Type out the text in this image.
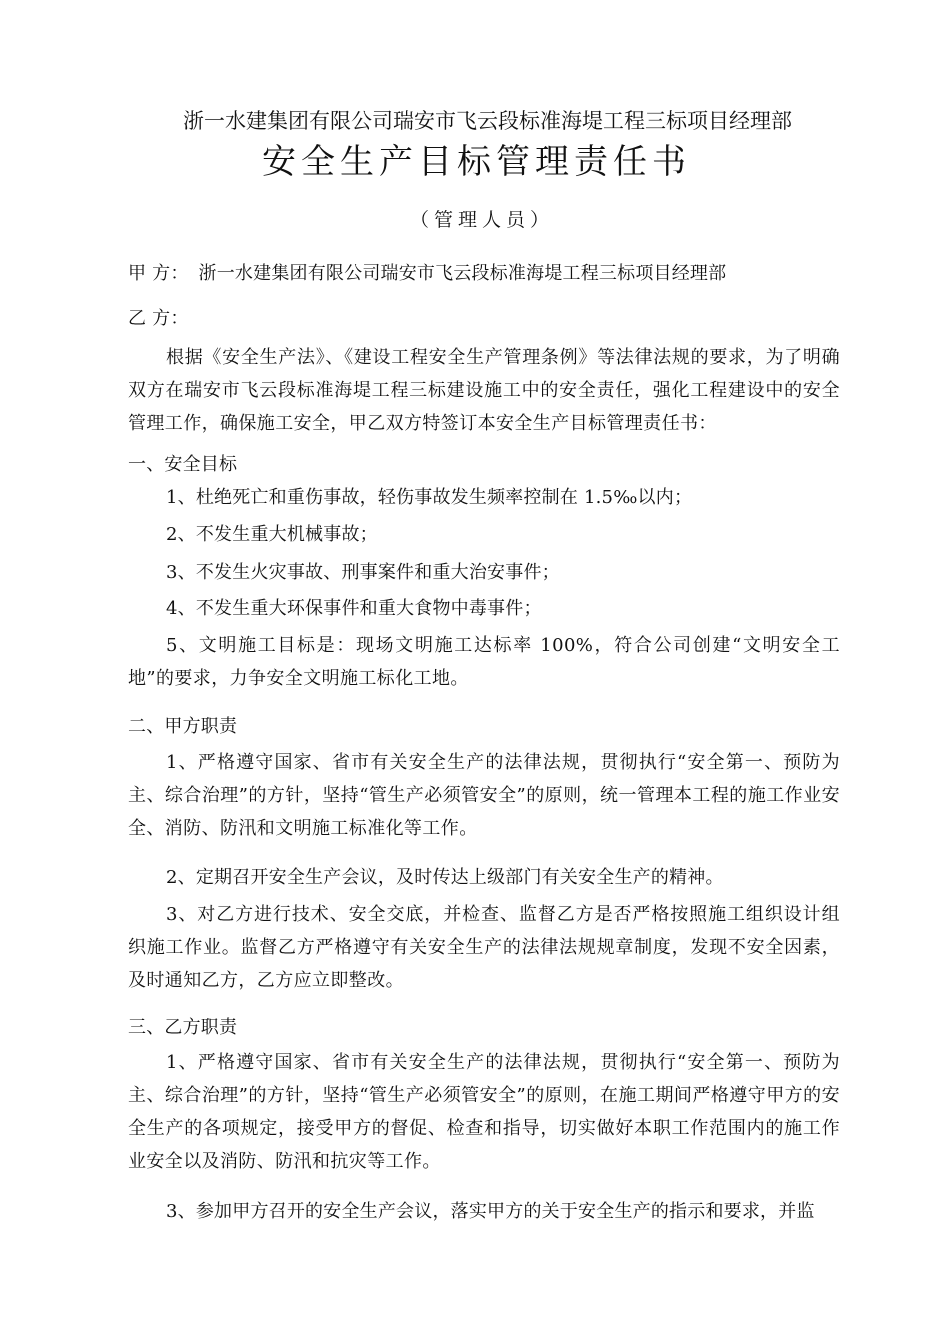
浙一水建集团有限公司瑞安市飞云段标准海堤工程三标项目经理部
安全生产目标管理责任书
（管理人员）
甲 方： 浙一水建集团有限公司瑞安市飞云段标准海堤工程三标项目经理部
乙 方：
根据《安全生产法》、《建设工程安全生产管理条例》等法律法规的要求，为了明确双方在瑞安市飞云段标准海堤工程三标建设施工中的安全责任，强化工程建设中的安全管理工作，确保施工安全，甲乙双方特签订本安全生产目标管理责任书：
一、安全目标
1、杜绝死亡和重伤事故，轻伤事故发生频率控制在 1.5‰以内；
2、不发生重大机械事故；
3、不发生火灾事故、刑事案件和重大治安事件；
4、不发生重大环保事件和重大食物中毒事件；
5、文明施工目标是：现场文明施工达标率 100%，符合公司创建“文明安全工地”的要求，力争安全文明施工标化工地。
二、甲方职责
1、严格遵守国家、省市有关安全生产的法律法规，贯彻执行“安全第一、预防为主、综合治理”的方针，坚持“管生产必须管安全”的原则，统一管理本工程的施工作业安全、消防、防汛和文明施工标准化等工作。
2、定期召开安全生产会议，及时传达上级部门有关安全生产的精神。
3、对乙方进行技术、安全交底，并检查、监督乙方是否严格按照施工组织设计组织施工作业。监督乙方严格遵守有关安全生产的法律法规规章制度，发现不安全因素，及时通知乙方，乙方应立即整改。
三、乙方职责
1、严格遵守国家、省市有关安全生产的法律法规，贯彻执行“安全第一、预防为主、综合治理”的方针，坚持“管生产必须管安全”的原则，在施工期间严格遵守甲方的安全生产的各项规定，接受甲方的督促、检查和指导，切实做好本职工作范围内的施工作业安全以及消防、防汛和抗灾等工作。
3、参加甲方召开的安全生产会议，落实甲方的关于安全生产的指示和要求，并监
